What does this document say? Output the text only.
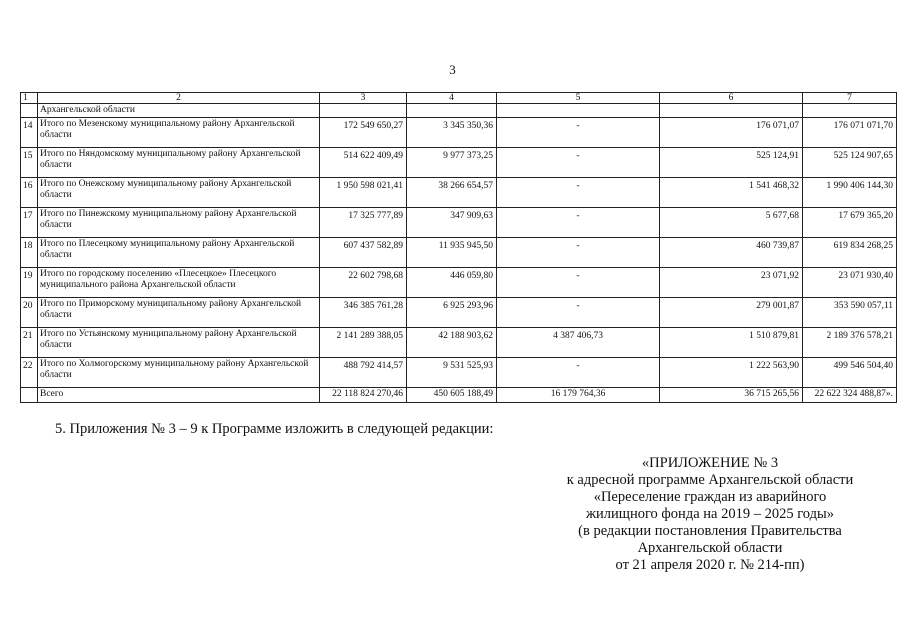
3
1	2	3	4	5	6	7
	Архангельской области					
14	Итого по Мезенскому муниципальному району Архангельской области	172 549 650,27	3 345 350,36	-	176 071,07	176 071 071,70
15	Итого по Няндомскому муниципальному району Архангельской области	514 622 409,49	9 977 373,25	-	525 124,91	525 124 907,65
16	Итого по Онежскому муниципальному району Архангельской области	1 950 598 021,41	38 266 654,57	-	1 541 468,32	1 990 406 144,30
17	Итого по Пинежскому муниципальному району Архангельской области	17 325 777,89	347 909,63	-	5 677,68	17 679 365,20
18	Итого по Плесецкому муниципальному району Архангельской области	607 437 582,89	11 935 945,50	-	460 739,87	619 834 268,25
19	Итого по городскому поселению «Плесецкое» Плесецкого муниципального района Архангельской области	22 602 798,68	446 059,80	-	23 071,92	23 071 930,40
20	Итого по Приморскому муниципальному району Архангельской области	346 385 761,28	6 925 293,96	-	279 001,87	353 590 057,11
21	Итого по Устьянскому муниципальному району Архангельской области	2 141 289 388,05	42 188 903,62	4 387 406,73	1 510 879,81	2 189 376 578,21
22	Итого по Холмогорскому муниципальному району Архангельской области	488 792 414,57	9 531 525,93	-	1 222 563,90	499 546 504,40
	Всего	22 118 824 270,46	450 605 188,49	16 179 764,36	36 715 265,56	22 622 324 488,87».
5. Приложения № 3 – 9 к Программе изложить в следующей редакции:
«ПРИЛОЖЕНИЕ № 3
к адресной программе Архангельской области
«Переселение граждан из аварийного
жилищного фонда на 2019 – 2025 годы»
(в редакции постановления Правительства
Архангельской области
от 21 апреля 2020 г. № 214-пп)
